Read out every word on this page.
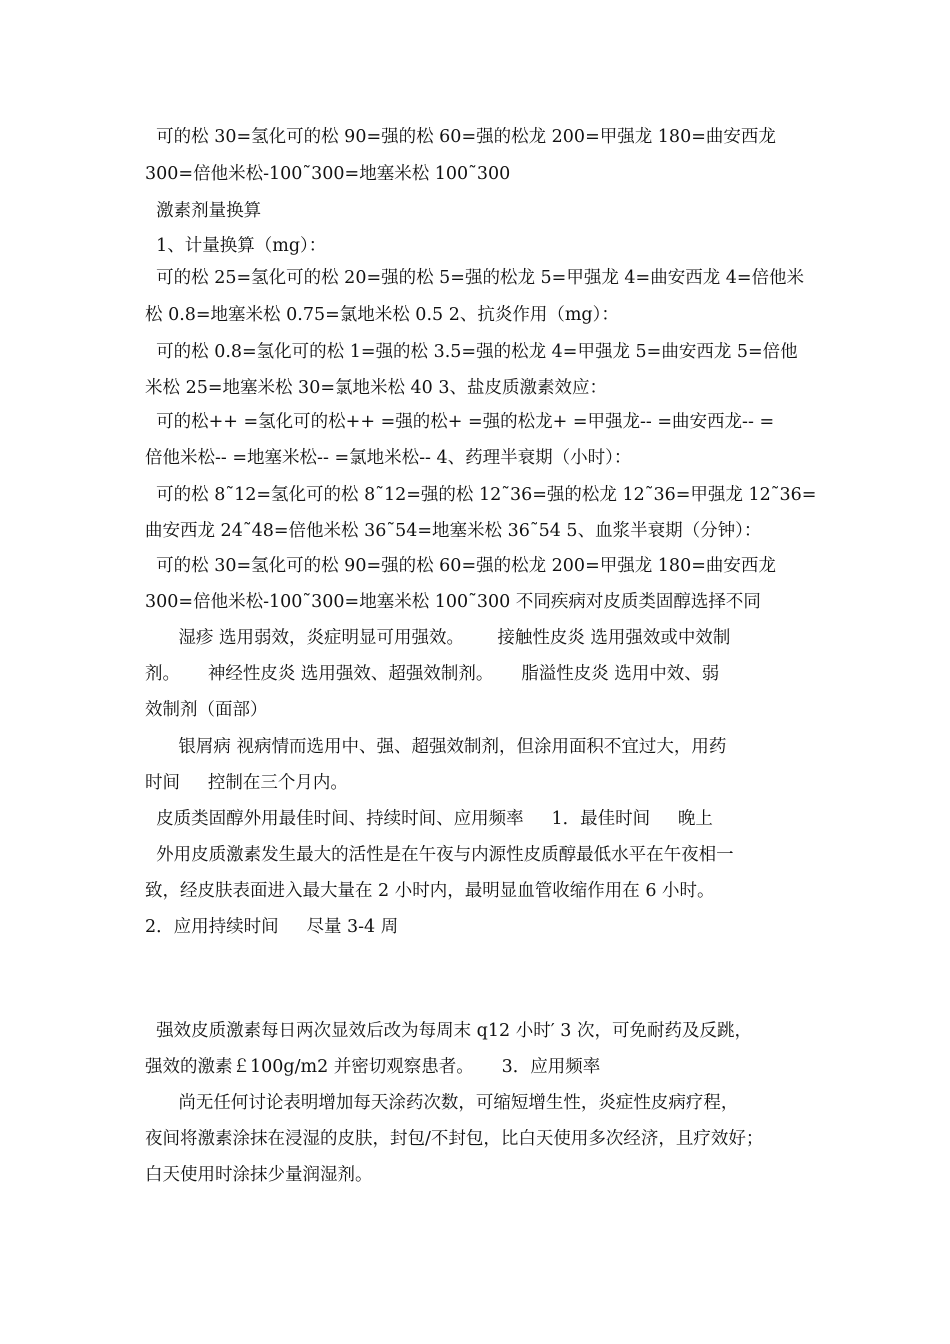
可的松 30=氢化可的松 90=强的松 60=强的松龙 200=甲强龙 180=曲安西龙
300=倍他米松-100˜300=地塞米松 100˜300
激素剂量换算
1、计量换算（mg）：
可的松 25=氢化可的松 20=强的松 5=强的松龙 5=甲强龙 4=曲安西龙 4=倍他米
松 0.8=地塞米松 0.75=氯地米松 0.5 2、抗炎作用（mg）：
可的松 0.8=氢化可的松 1=强的松 3.5=强的松龙 4=甲强龙 5=曲安西龙 5=倍他
米松 25=地塞米松 30=氯地米松 40 3、盐皮质激素效应：
可的松++ =氢化可的松++ =强的松+ =强的松龙+ =甲强龙-- =曲安西龙-- =
倍他米松-- =地塞米松-- =氯地米松-- 4、药理半衰期（小时）：
可的松 8˜12=氢化可的松 8˜12=强的松 12˜36=强的松龙 12˜36=甲强龙 12˜36=
曲安西龙 24˜48=倍他米松 36˜54=地塞米松 36˜54 5、血浆半衰期（分钟）：
可的松 30=氢化可的松 90=强的松 60=强的松龙 200=甲强龙 180=曲安西龙
300=倍他米松-100˜300=地塞米松 100˜300 不同疾病对皮质类固醇选择不同
湿疹 选用弱效，炎症明显可用强效。      接触性皮炎 选用强效或中效制
剂。     神经性皮炎 选用强效、超强效制剂。     脂溢性皮炎 选用中效、弱
效制剂（面部）
银屑病 视病情而选用中、强、超强效制剂，但涂用面积不宜过大，用药
时间     控制在三个月内。
皮质类固醇外用最佳时间、持续时间、应用频率     1．最佳时间     晚上
外用皮质激素发生最大的活性是在午夜与内源性皮质醇最低水平在午夜相一
致，经皮肤表面进入最大量在 2 小时内，最明显血管收缩作用在 6 小时。
2．应用持续时间     尽量 3-4 周
强效皮质激素每日两次显效后改为每周末 q12 小时′ 3 次，可免耐药及反跳，
强效的激素￡100g/m2 并密切观察患者。     3．应用频率
尚无任何讨论表明增加每天涂药次数，可缩短增生性，炎症性皮病疗程，
夜间将激素涂抹在浸湿的皮肤，封包/不封包，比白天使用多次经济，且疗效好；
白天使用时涂抹少量润湿剂。
